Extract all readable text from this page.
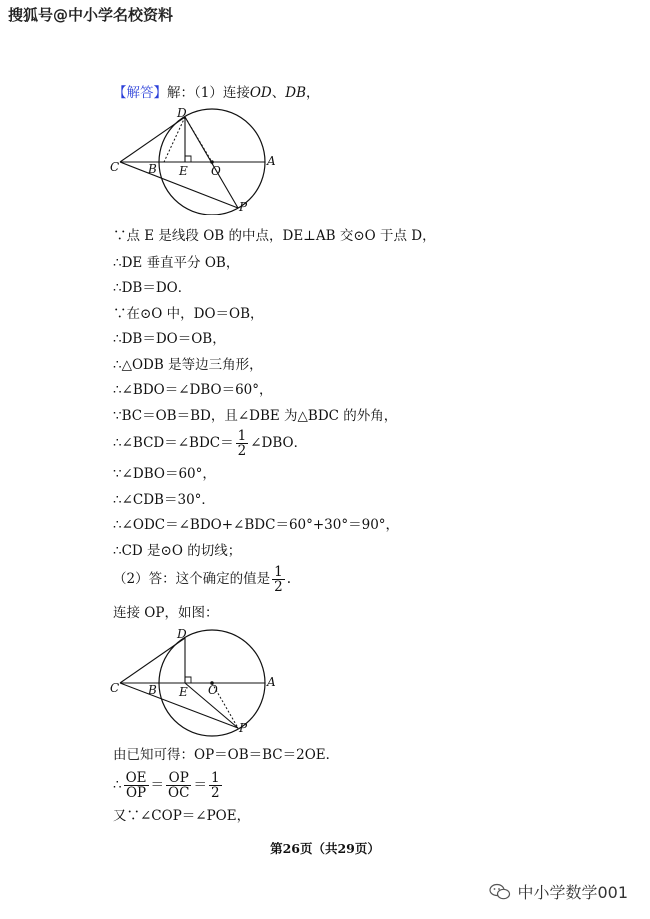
搜狐号@中小学名校资料
【解答】解：（1）连接OD、DB，
C B E O
A
D
P
∵点 E 是线段 OB 的中点，DE⊥AB 交⊙O 于点 D，
∴DE 垂直平分 OB，
∴DB＝DO．
∵在⊙O 中，DO＝OB，
∴DB＝DO＝OB，
∴△ODB 是等边三角形，
∴∠BDO＝∠DBO＝60°，
∵BC＝OB＝BD，且∠DBE 为△BDC 的外角，
∴∠BCD＝∠BDC＝ $\frac{1}{2}$ ∠DBO．
∵∠DBO＝60°，
∴∠CDB＝30°．
∴∠ODC＝∠BDO+∠BDC＝60°+30°＝90°，
∴CD 是⊙O 的切线；
（2）答：这个确定的值是 $\frac{1}{2}$ .
连接 OP，如图：
C B E O
A
D
P
由已知可得：OP＝OB＝BC＝2OE．
∴ $\frac{OE}{OP} = \frac{OP}{OC} = \frac{1}{2}$
又∵∠COP＝∠POE，
第26页（共29页）
中小学数学001
